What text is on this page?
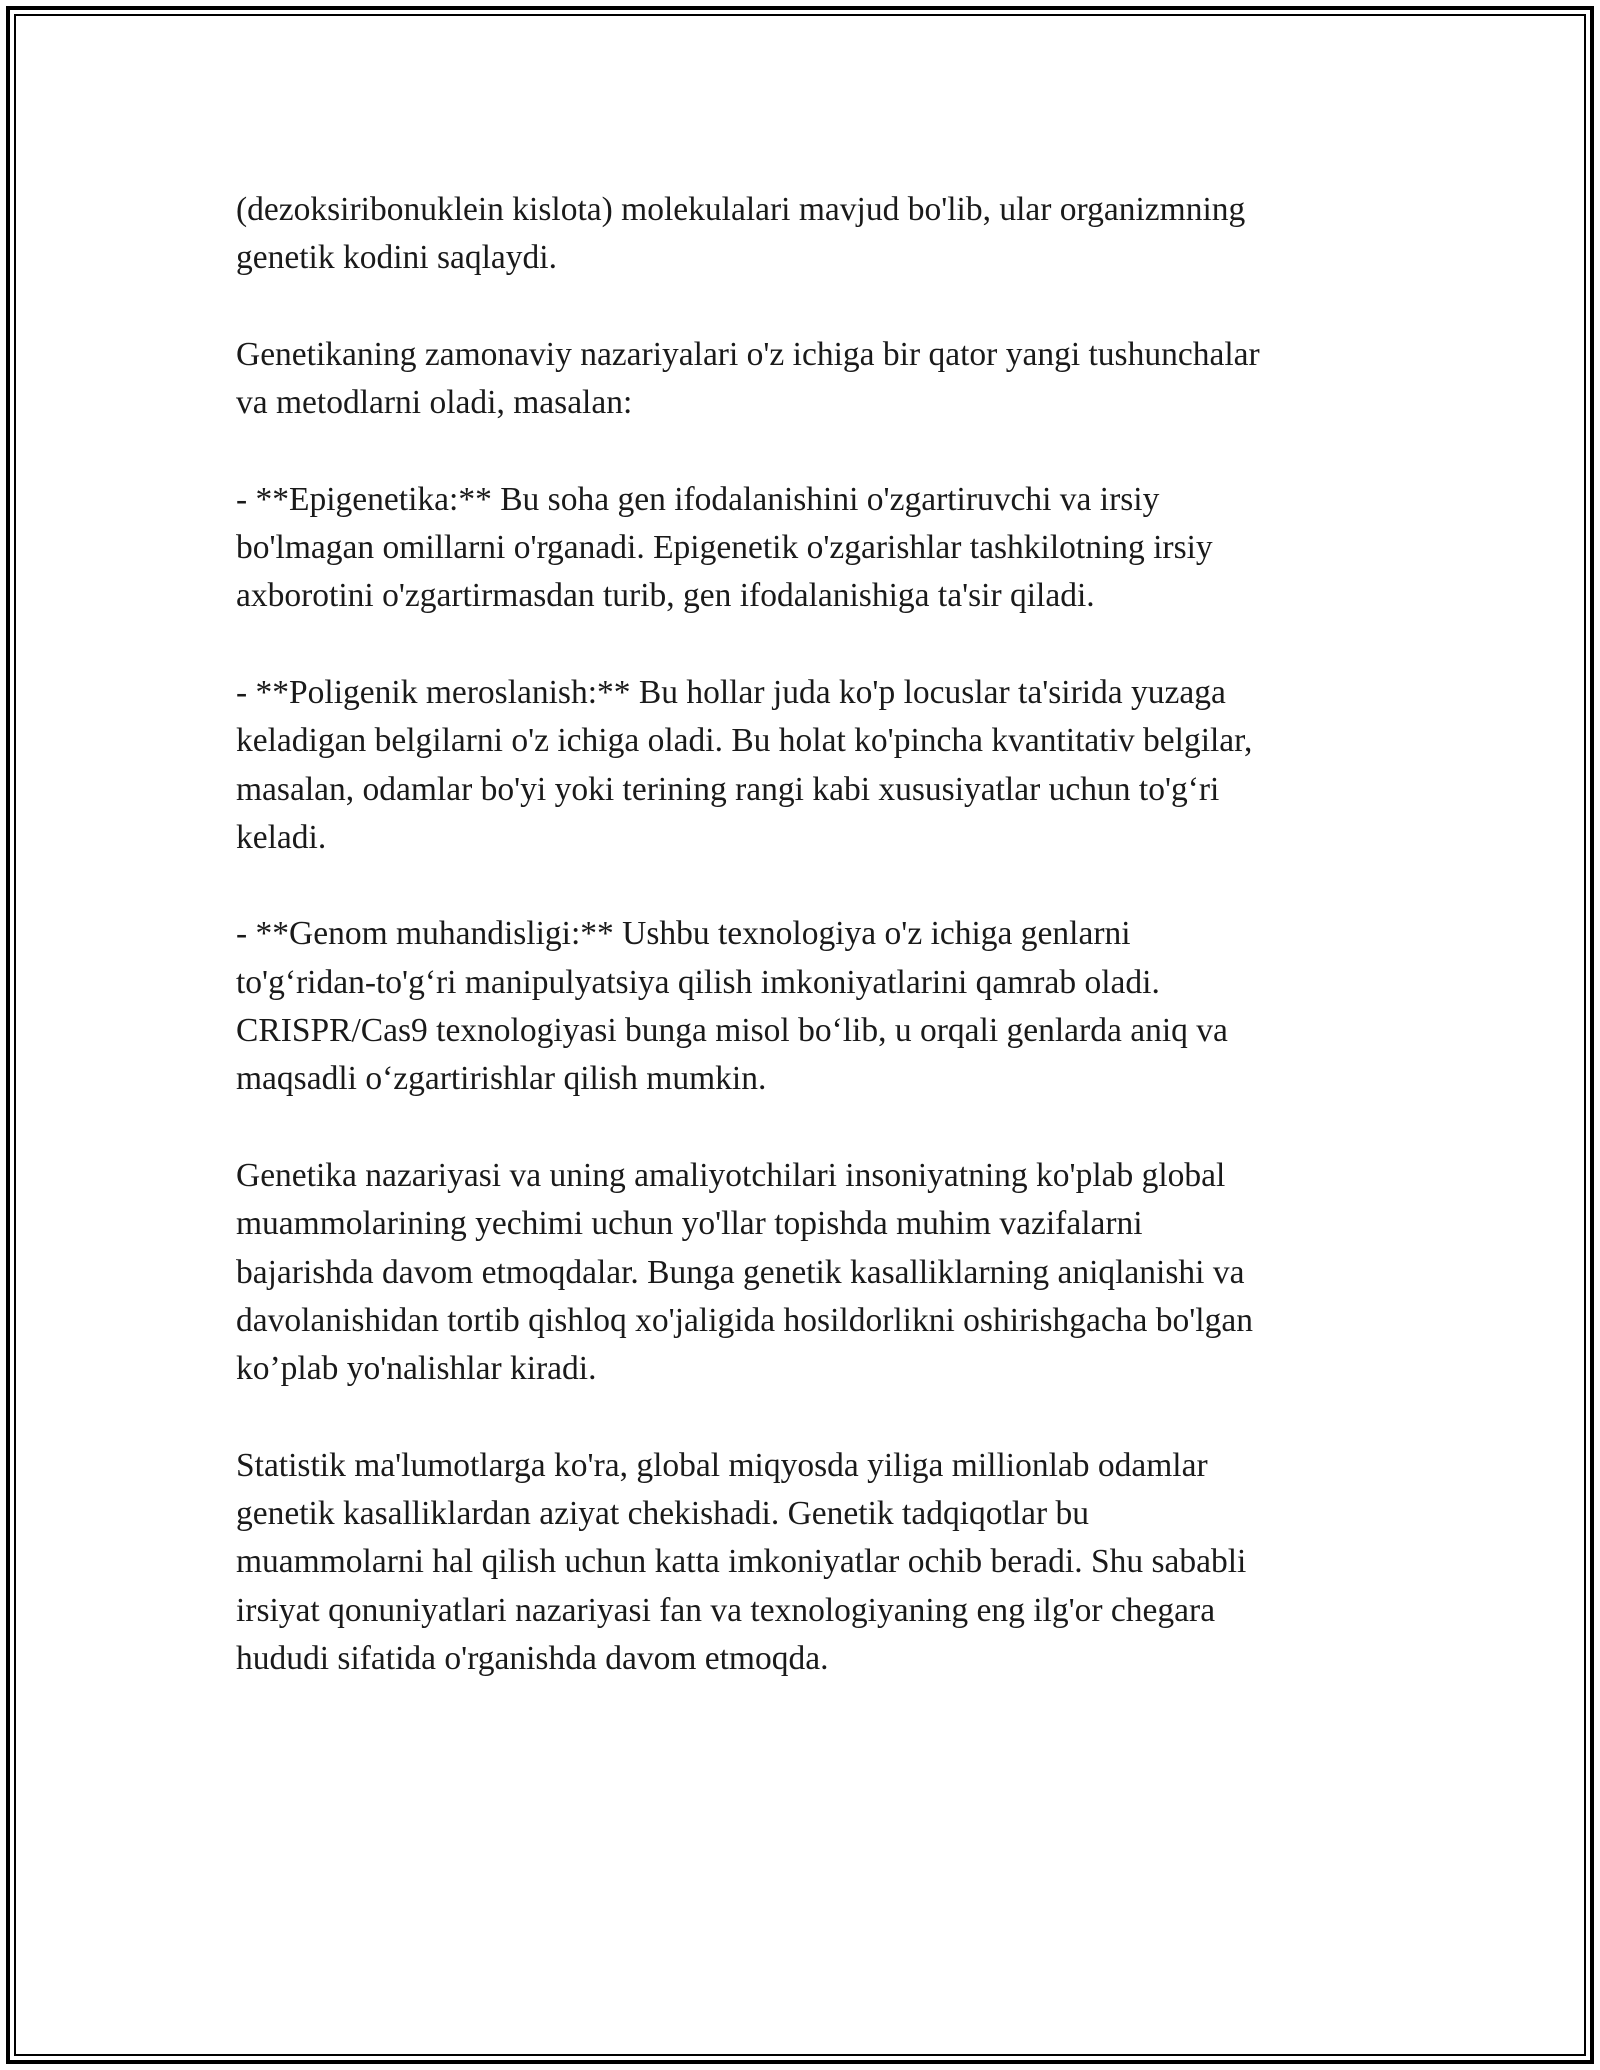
(dezoksiribonuklein kislota) molekulalari mavjud bo'lib, ular organizmning
genetik kodini saqlaydi.

Genetikaning zamonaviy nazariyalari o'z ichiga bir qator yangi tushunchalar
va metodlarni oladi, masalan:

- **Epigenetika:** Bu soha gen ifodalanishini o'zgartiruvchi va irsiy
bo'lmagan omillarni o'rganadi. Epigenetik o'zgarishlar tashkilotning irsiy
axborotini o'zgartirmasdan turib, gen ifodalanishiga ta'sir qiladi.

- **Poligenik meroslanish:** Bu hollar juda ko'p locuslar ta'sirida yuzaga
keladigan belgilarni o'z ichiga oladi. Bu holat ko'pincha kvantitativ belgilar,
masalan, odamlar bo'yi yoki terining rangi kabi xususiyatlar uchun to'g‘ri
keladi.

- **Genom muhandisligi:** Ushbu texnologiya o'z ichiga genlarni
to'g‘ridan-to'g‘ri manipulyatsiya qilish imkoniyatlarini qamrab oladi.
CRISPR/Cas9 texnologiyasi bunga misol bo‘lib, u orqali genlarda aniq va
maqsadli o‘zgartirishlar qilish mumkin.

Genetika nazariyasi va uning amaliyotchilari insoniyatning ko'plab global
muammolarining yechimi uchun yo'llar topishda muhim vazifalarni
bajarishda davom etmoqdalar. Bunga genetik kasalliklarning aniqlanishi va
davolanishidan tortib qishloq xo'jaligida hosildorlikni oshirishgacha bo'lgan
ko’plab yo'nalishlar kiradi.

Statistik ma'lumotlarga ko'ra, global miqyosda yiliga millionlab odamlar
genetik kasalliklardan aziyat chekishadi. Genetik tadqiqotlar bu
muammolarni hal qilish uchun katta imkoniyatlar ochib beradi. Shu sababli
irsiyat qonuniyatlari nazariyasi fan va texnologiyaning eng ilg'or chegara
hududi sifatida o'rganishda davom etmoqda.
